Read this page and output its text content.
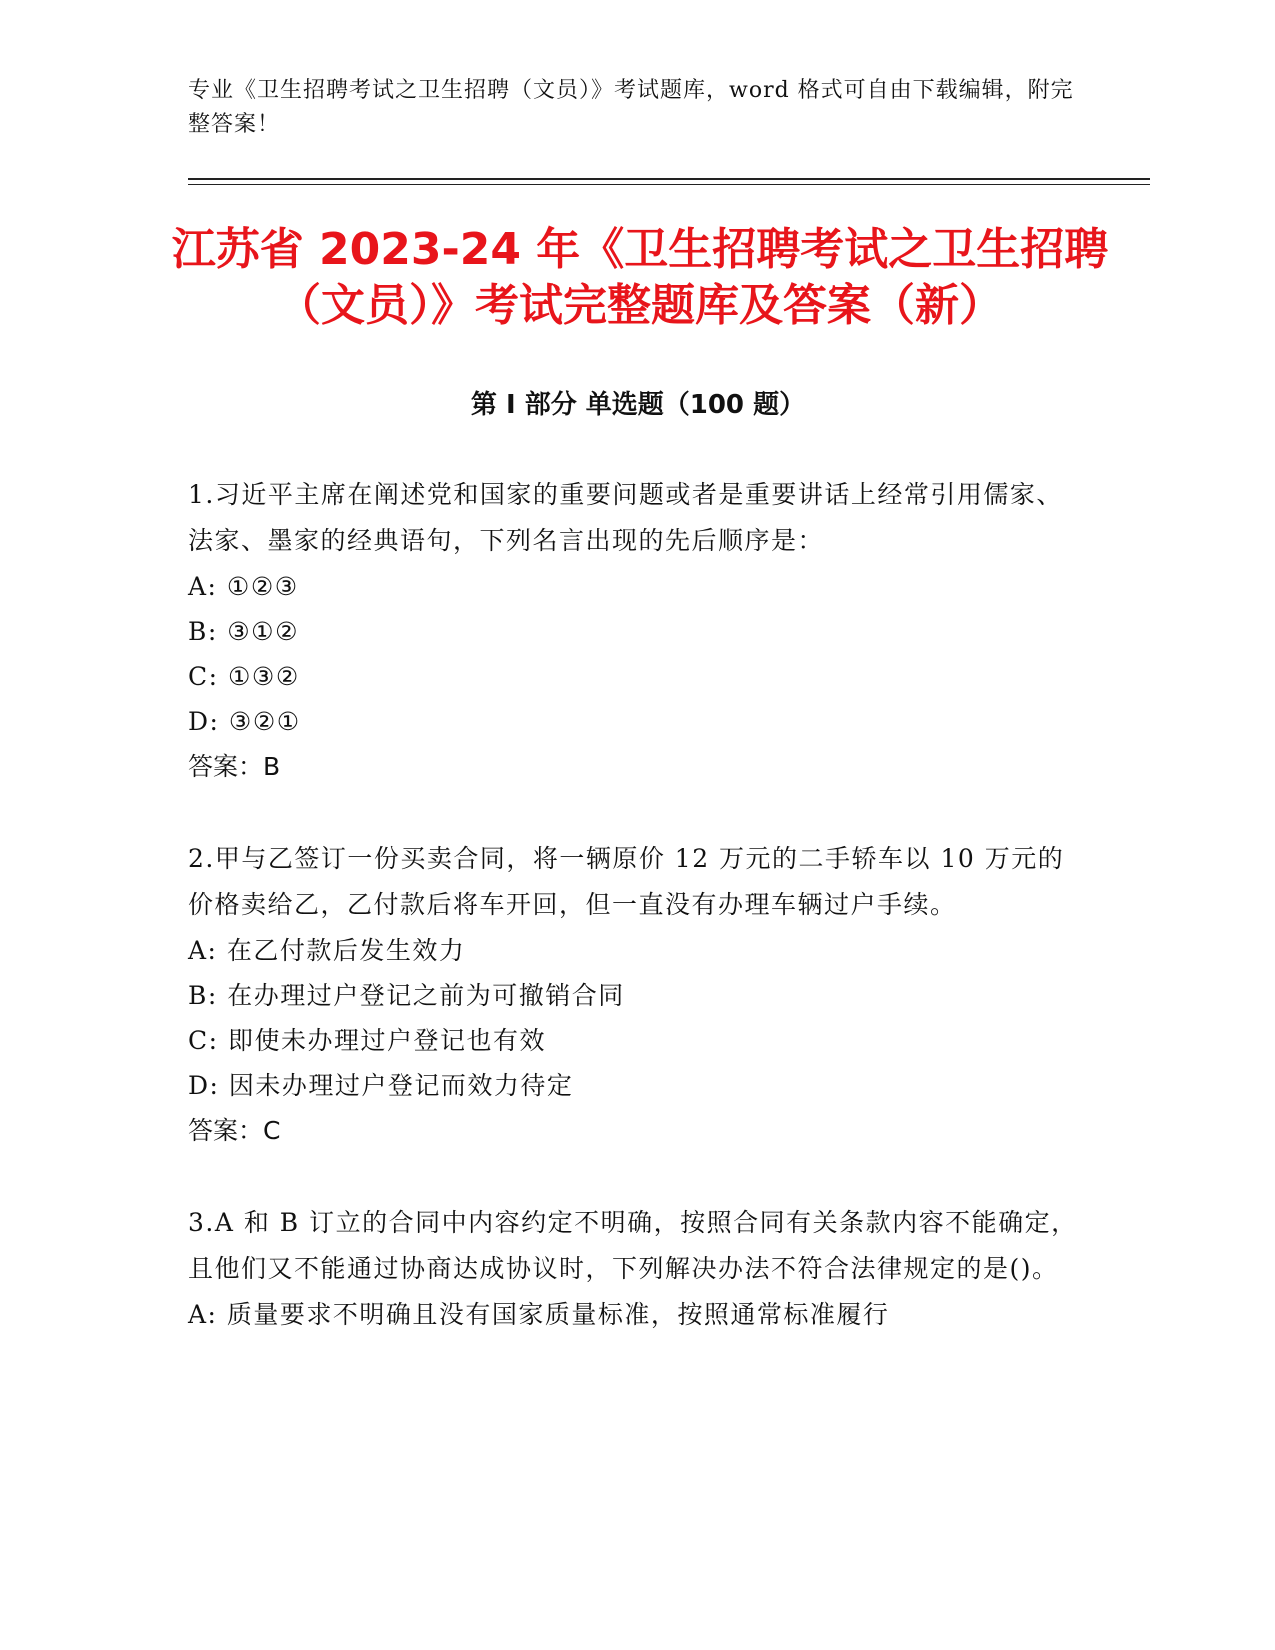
专业《卫生招聘考试之卫生招聘（文员）》考试题库，word 格式可自由下载编辑，附完整答案！
江苏省 2023-24 年《卫生招聘考试之卫生招聘（文员）》考试完整题库及答案（新）
第 I 部分 单选题（100 题）

1.习近平主席在阐述党和国家的重要问题或者是重要讲话上经常引用儒家、法家、墨家的经典语句，下列名言出现的先后顺序是：

A: ①②③

B: ③①②

C: ①③②

D: ③②①

答案：B

2.甲与乙签订一份买卖合同，将一辆原价 12 万元的二手轿车以 10 万元的价格卖给乙，乙付款后将车开回，但一直没有办理车辆过户手续。

A: 在乙付款后发生效力

B: 在办理过户登记之前为可撤销合同

C: 即使未办理过户登记也有效

D: 因未办理过户登记而效力待定

答案：C

3.A 和 B 订立的合同中内容约定不明确，按照合同有关条款内容不能确定，且他们又不能通过协商达成协议时，下列解决办法不符合法律规定的是()。

A: 质量要求不明确且没有国家质量标准，按照通常标准履行
